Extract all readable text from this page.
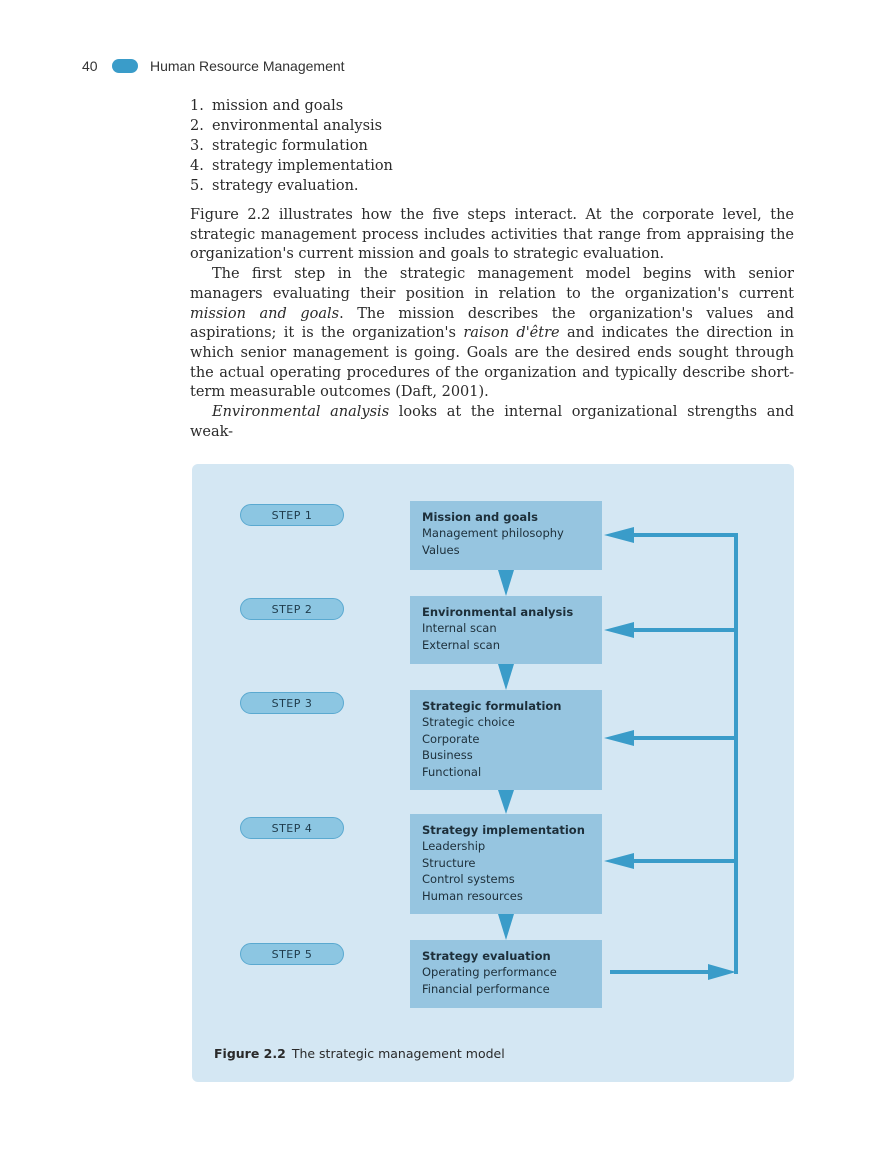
40	Human Resource Management
1. mission and goals
2. environmental analysis
3. strategic formulation
4. strategy implementation
5. strategy evaluation.

Figure 2.2 illustrates how the five steps interact. At the corporate level, the strategic management process includes activities that range from appraising the organization's current mission and goals to strategic evaluation.

The first step in the strategic management model begins with senior managers evaluating their position in relation to the organization's current mission and goals. The mission describes the organization's values and aspirations; it is the organization's raison d'être and indicates the direction in which senior management is going. Goals are the desired ends sought through the actual operating procedures of the organization and typically describe short-term measurable outcomes (Daft, 2001).

Environmental analysis looks at the internal organizational strengths and weak-

STEP 1
STEP 2
STEP 3
STEP 4
STEP 5
Mission and goals
Management philosophy
Values
Environmental analysis
Internal scan
External scan
Strategic formulation
Strategic choice
Corporate
Business
Functional
Strategy implementation
Leadership
Structure
Control systems
Human resources
Strategy evaluation
Operating performance
Financial performance
Figure 2.2 The strategic management model
